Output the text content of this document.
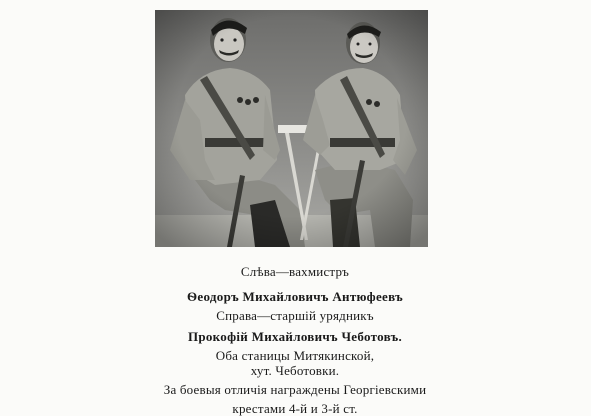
Слѣва—вахмистръ
Ѳеодоръ Михайловичъ Антюфеевъ
Справа—старшій урядникъ
Прокофій Михайловичъ Чеботовъ.
Оба станицы Митякинской,
хут. Чеботовки.
За боевыя отличія награждены Георгіевскими
крестами 4-й и 3-й ст.
